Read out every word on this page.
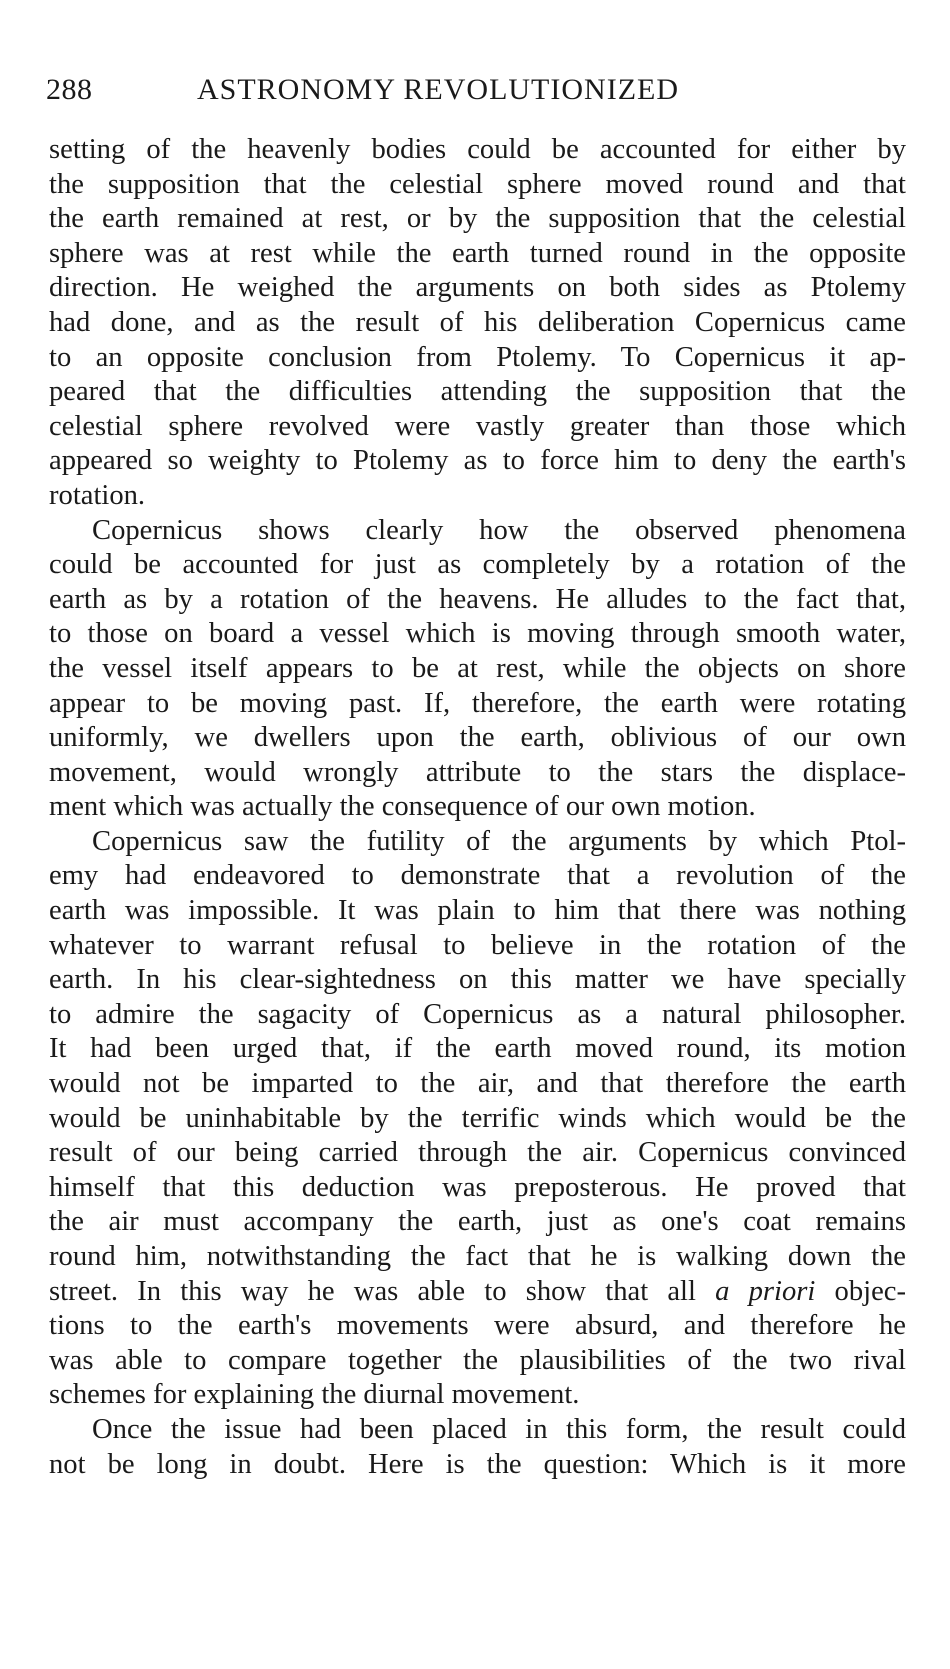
288	ASTRONOMY REVOLUTIONIZED
setting of the heavenly bodies could be accounted for either by
the supposition that the celestial sphere moved round and that
the earth remained at rest, or by the supposition that the celestial
sphere was at rest while the earth turned round in the opposite
direction. He weighed the arguments on both sides as Ptolemy
had done, and as the result of his deliberation Copernicus came
to an opposite conclusion from Ptolemy. To Copernicus it ap-
peared that the difficulties attending the supposition that the
celestial sphere revolved were vastly greater than those which
appeared so weighty to Ptolemy as to force him to deny the earth's
rotation.
Copernicus shows clearly how the observed phenomena
could be accounted for just as completely by a rotation of the
earth as by a rotation of the heavens. He alludes to the fact that,
to those on board a vessel which is moving through smooth water,
the vessel itself appears to be at rest, while the objects on shore
appear to be moving past. If, therefore, the earth were rotating
uniformly, we dwellers upon the earth, oblivious of our own
movement, would wrongly attribute to the stars the displace-
ment which was actually the consequence of our own motion.
Copernicus saw the futility of the arguments by which Ptol-
emy had endeavored to demonstrate that a revolution of the
earth was impossible. It was plain to him that there was nothing
whatever to warrant refusal to believe in the rotation of the
earth. In his clear-sightedness on this matter we have specially
to admire the sagacity of Copernicus as a natural philosopher.
It had been urged that, if the earth moved round, its motion
would not be imparted to the air, and that therefore the earth
would be uninhabitable by the terrific winds which would be the
result of our being carried through the air. Copernicus convinced
himself that this deduction was preposterous. He proved that
the air must accompany the earth, just as one's coat remains
round him, notwithstanding the fact that he is walking down the
street. In this way he was able to show that all a priori objec-
tions to the earth's movements were absurd, and therefore he
was able to compare together the plausibilities of the two rival
schemes for explaining the diurnal movement.
Once the issue had been placed in this form, the result could
not be long in doubt. Here is the question: Which is it more
